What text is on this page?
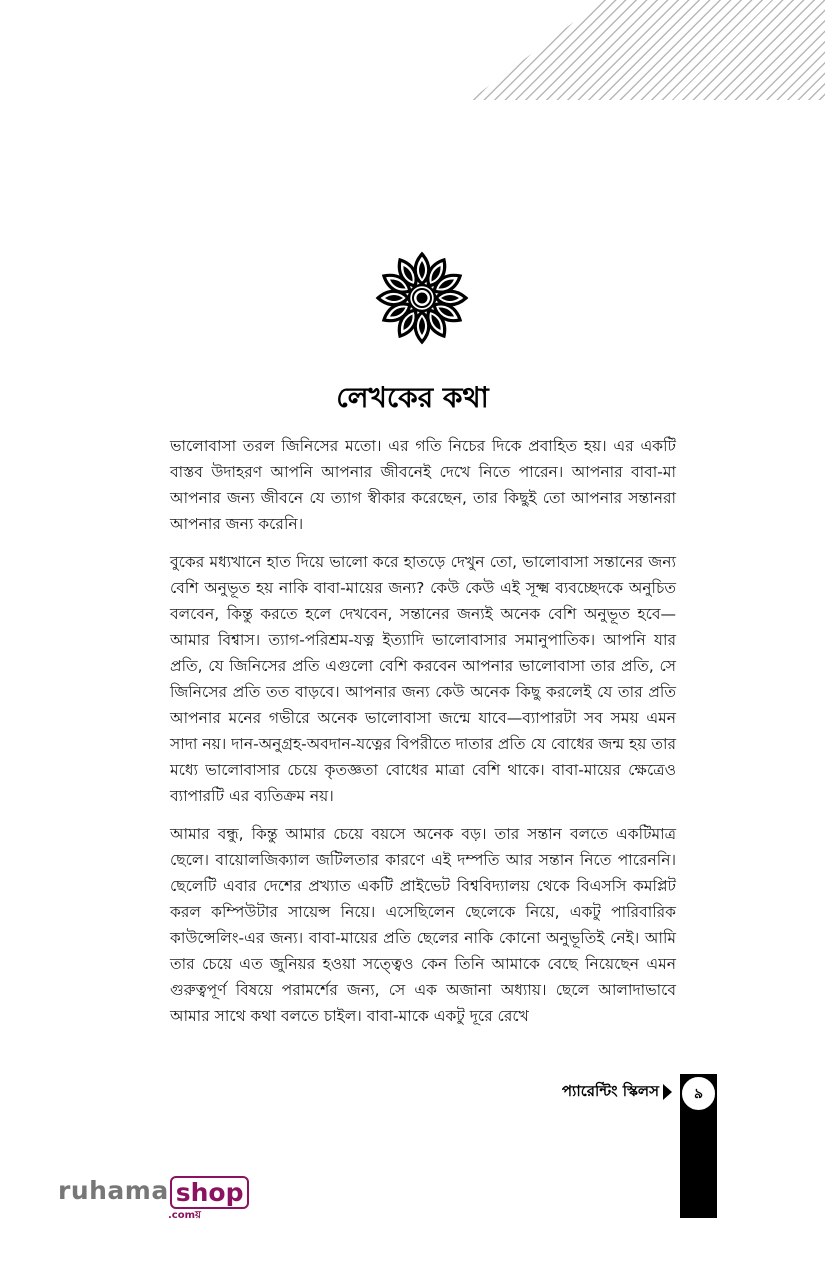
লেখকের কথা

ভালোবাসা তরল জিনিসের মতো। এর গতি নিচের দিকে প্রবাহিত হয়। এর একটি বাস্তব উদাহরণ আপনি আপনার জীবনেই দেখে নিতে পারেন। আপনার বাবা-মা আপনার জন্য জীবনে যে ত্যাগ স্বীকার করেছেন, তার কিছুই তো আপনার সন্তানরা আপনার জন্য করেনি।

বুকের মধ্যখানে হাত দিয়ে ভালো করে হাতড়ে দেখুন তো, ভালোবাসা সন্তানের জন্য বেশি অনুভূত হয় নাকি বাবা-মায়ের জন্য? কেউ কেউ এই সূক্ষ্ম ব্যবচ্ছেদকে অনুচিত বলবেন, কিন্তু করতে হলে দেখবেন, সন্তানের জন্যই অনেক বেশি অনুভূত হবে—আমার বিশ্বাস। ত্যাগ-পরিশ্রম-যত্ন ইত্যাদি ভালোবাসার সমানুপাতিক। আপনি যার প্রতি, যে জিনিসের প্রতি এগুলো বেশি করবেন আপনার ভালোবাসা তার প্রতি, সে জিনিসের প্রতি তত বাড়বে। আপনার জন্য কেউ অনেক কিছু করলেই যে তার প্রতি আপনার মনের গভীরে অনেক ভালোবাসা জন্মে যাবে—ব্যাপারটা সব সময় এমন সাদা নয়। দান-অনুগ্রহ-অবদান-যত্নের বিপরীতে দাতার প্রতি যে বোধের জন্ম হয় তার মধ্যে ভালোবাসার চেয়ে কৃতজ্ঞতা বোধের মাত্রা বেশি থাকে। বাবা-মায়ের ক্ষেত্রেও ব্যাপারটি এর ব্যতিক্রম নয়।

আমার বন্ধু, কিন্তু আমার চেয়ে বয়সে অনেক বড়। তার সন্তান বলতে একটিমাত্র ছেলে। বায়োলজিক্যাল জটিলতার কারণে এই দম্পতি আর সন্তান নিতে পারেননি। ছেলেটি এবার দেশের প্রখ্যাত একটি প্রাইভেট বিশ্ববিদ্যালয় থেকে বিএসসি কমপ্লিট করল কম্পিউটার সায়েন্স নিয়ে। এসেছিলেন ছেলেকে নিয়ে, একটু পারিবারিক কাউন্সেলিং-এর জন্য। বাবা-মায়ের প্রতি ছেলের নাকি কোনো অনুভূতিই নেই। আমি তার চেয়ে এত জুনিয়র হওয়া সত্ত্বেও কেন তিনি আমাকে বেছে নিয়েছেন এমন গুরুত্বপূর্ণ বিষয়ে পরামর্শের জন্য, সে এক অজানা অধ্যায়। ছেলে আলাদাভাবে আমার সাথে কথা বলতে চাইল। বাবা-মাকে একটু দূরে রেখে

প্যারেন্টিং স্কিলস	৯
ruhama shop
.comয়
